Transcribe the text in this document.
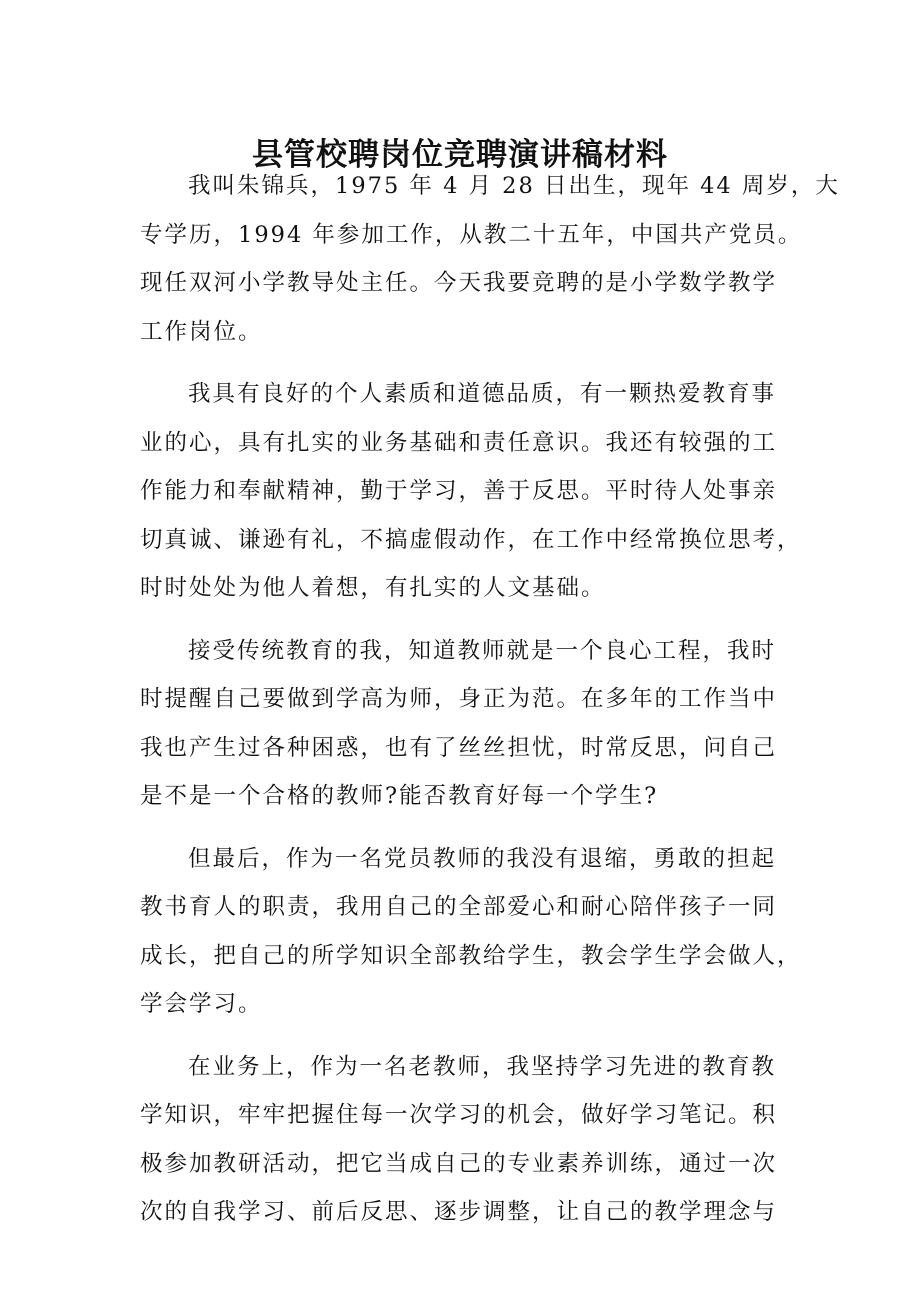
县管校聘岗位竞聘演讲稿材料
我叫朱锦兵，1975 年 4 月 28 日出生，现年 44 周岁，大
专学历，1994 年参加工作，从教二十五年，中国共产党员。
现任双河小学教导处主任。今天我要竞聘的是小学数学教学
工作岗位。
我具有良好的个人素质和道德品质，有一颗热爱教育事
业的心，具有扎实的业务基础和责任意识。我还有较强的工
作能力和奉献精神，勤于学习，善于反思。平时待人处事亲
切真诚、谦逊有礼，不搞虚假动作，在工作中经常换位思考，
时时处处为他人着想，有扎实的人文基础。
接受传统教育的我，知道教师就是一个良心工程，我时
时提醒自己要做到学高为师，身正为范。在多年的工作当中
我也产生过各种困惑，也有了丝丝担忧，时常反思，问自己
是不是一个合格的教师?能否教育好每一个学生?
但最后，作为一名党员教师的我没有退缩，勇敢的担起
教书育人的职责，我用自己的全部爱心和耐心陪伴孩子一同
成长，把自己的所学知识全部教给学生，教会学生学会做人，
学会学习。
在业务上，作为一名老教师，我坚持学习先进的教育教
学知识，牢牢把握住每一次学习的机会，做好学习笔记。积
极参加教研活动，把它当成自己的专业素养训练，通过一次
次的自我学习、前后反思、逐步调整，让自己的教学理念与
